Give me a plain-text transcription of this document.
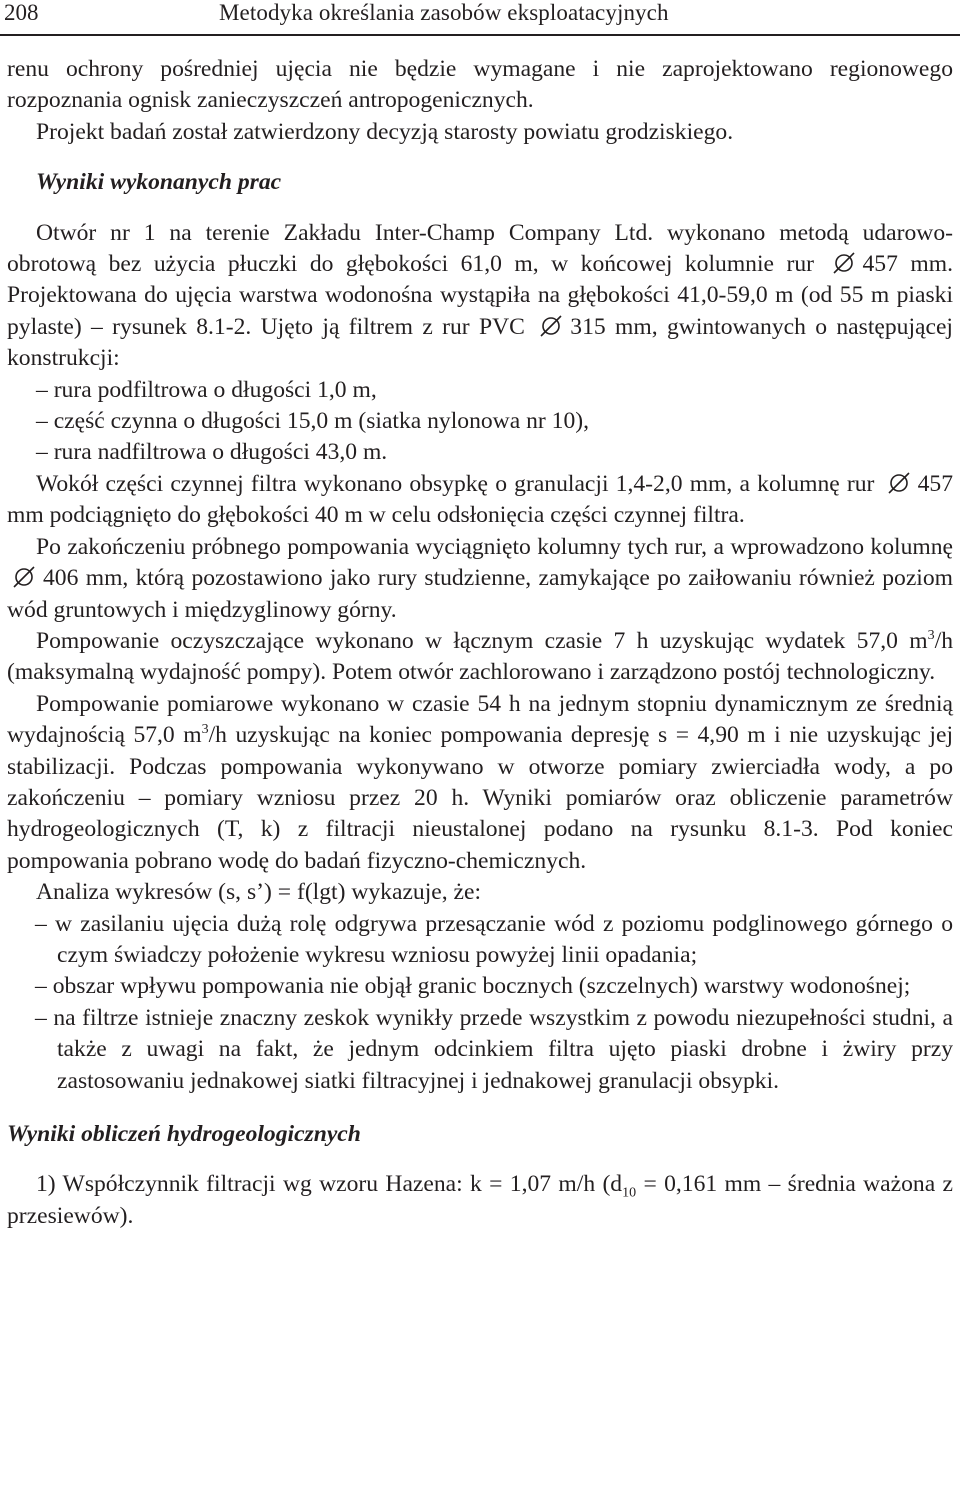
208	Metodyka określania zasobów eksploatacyjnych

renu ochrony pośredniej ujęcia nie będzie wymagane i nie zaprojektowano regionowego rozpoznania ognisk zanieczyszczeń antropogenicznych.

Projekt badań został zatwierdzony decyzją starosty powiatu grodziskiego.

Wyniki wykonanych prac

Otwór nr 1 na terenie Zakładu Inter-Champ Company Ltd. wykonano metodą udarowo-obrotową bez użycia płuczki do głębokości 61,0 m, w końcowej kolumnie rur 457 mm. Projektowana do ujęcia warstwa wodonośna wystąpiła na głębokości 41,0-59,0 m (od 55 m piaski pylaste) – rysunek 8.1-2. Ujęto ją filtrem z rur PVC 315 mm, gwintowanych o następującej konstrukcji:

– rura podfiltrowa o długości 1,0 m,

– część czynna o długości 15,0 m (siatka nylonowa nr 10),

– rura nadfiltrowa o długości 43,0 m.

Wokół części czynnej filtra wykonano obsypkę o granulacji 1,4-2,0 mm, a kolumnę rur 457 mm podciągnięto do głębokości 40 m w celu odsłonięcia części czynnej filtra.

Po zakończeniu próbnego pompowania wyciągnięto kolumny tych rur, a wprowadzono kolumnę 406 mm, którą pozostawiono jako rury studzienne, zamykające po zaiłowaniu również poziom wód gruntowych i międzyglinowy górny.

Pompowanie oczyszczające wykonano w łącznym czasie 7 h uzyskując wydatek 57,0 $m^3/h$ (maksymalną wydajność pompy). Potem otwór zachlorowano i zarządzono postój technologiczny.

Pompowanie pomiarowe wykonano w czasie 54 h na jednym stopniu dynamicznym ze średnią wydajnością 57,0 $m^3/h$ uzyskując na koniec pompowania depresję s = 4,90 m i nie uzyskując jej stabilizacji. Podczas pompowania wykonywano w otworze pomiary zwierciadła wody, a po zakończeniu – pomiary wzniosu przez 20 h. Wyniki pomiarów oraz obliczenie parametrów hydrogeologicznych (T, k) z filtracji nieustalonej podano na rysunku 8.1-3. Pod koniec pompowania pobrano wodę do badań fizyczno-chemicznych.

Analiza wykresów (s, s’) = f(lgt) wykazuje, że:

– w zasilaniu ujęcia dużą rolę odgrywa przesączanie wód z poziomu podglinowego górnego o czym świadczy położenie wykresu wzniosu powyżej linii opadania;

– obszar wpływu pompowania nie objął granic bocznych (szczelnych) warstwy wodonośnej;

– na filtrze istnieje znaczny zeskok wynikły przede wszystkim z powodu niezupełności studni, a także z uwagi na fakt, że jednym odcinkiem filtra ujęto piaski drobne i żwiry przy zastosowaniu jednakowej siatki filtracyjnej i jednakowej granulacji obsypki.

Wyniki obliczeń hydrogeologicznych

1) Współczynnik filtracji wg wzoru Hazena: k = 1,07 m/h ($d_{10} = 0,161$ mm – średnia ważona z przesiewów).
